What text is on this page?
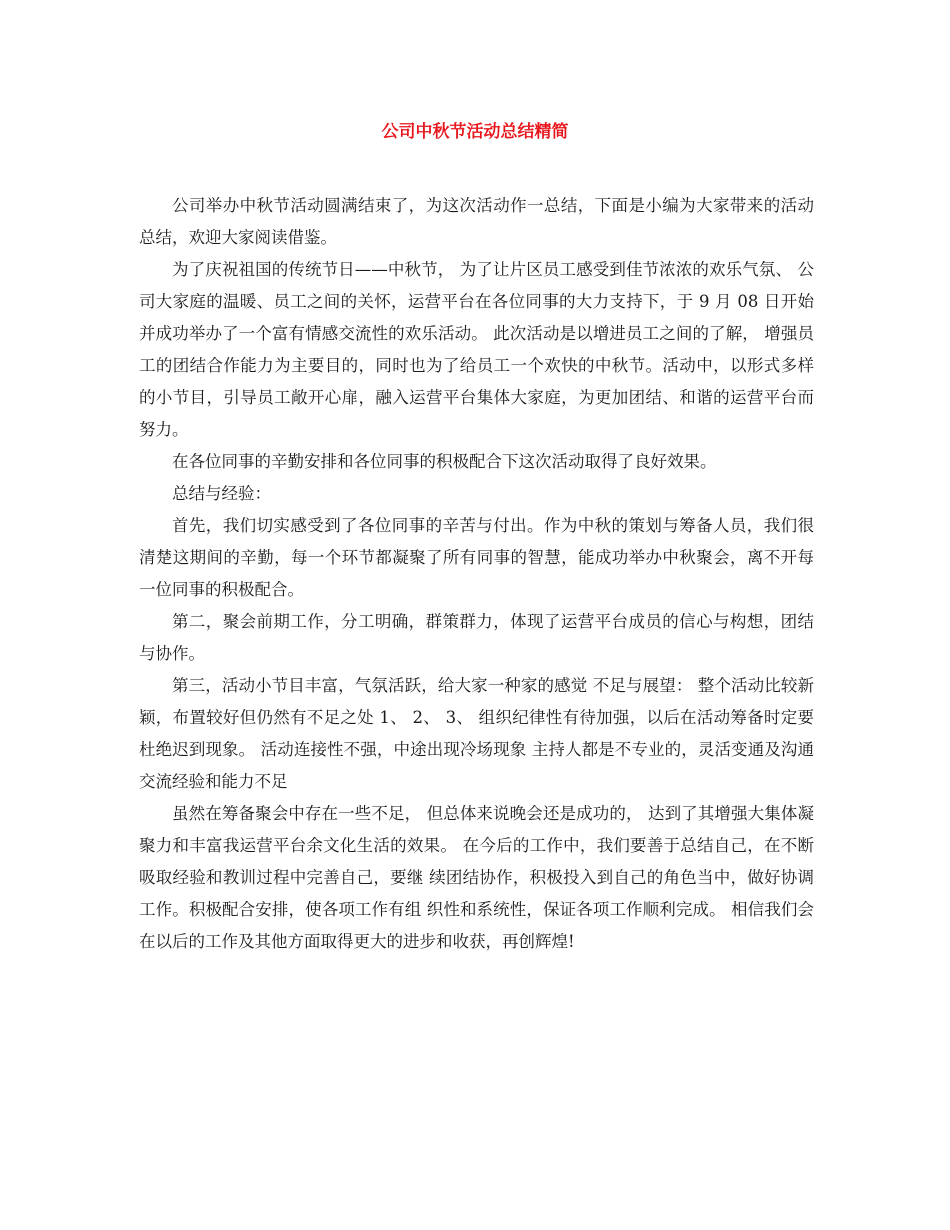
公司中秋节活动总结精简

公司举办中秋节活动圆满结束了，为这次活动作一总结，下面是小编为大家带来的活动总结，欢迎大家阅读借鉴。

为了庆祝祖国的传统节日——中秋节， 为了让片区员工感受到佳节浓浓的欢乐气氛、 公 司大家庭的温暖、员工之间的关怀，运营平台在各位同事的大力支持下，于 9 月 08 日开始 并成功举办了一个富有情感交流性的欢乐活动。 此次活动是以增进员工之间的了解， 增强员 工的团结合作能力为主要目的，同时也为了给员工一个欢快的中秋节。活动中，以形式多样 的小节目，引导员工敞开心扉，融入运营平台集体大家庭，为更加团结、和谐的运营平台而 努力。

在各位同事的辛勤安排和各位同事的积极配合下这次活动取得了良好效果。

总结与经验：

首先，我们切实感受到了各位同事的辛苦与付出。作为中秋的策划与筹备人员，我们很 清楚这期间的辛勤，每一个环节都凝聚了所有同事的智慧，能成功举办中秋聚会，离不开每 一位同事的积极配合。

第二，聚会前期工作，分工明确，群策群力，体现了运营平台成员的信心与构想，团结 与协作。

第三，活动小节目丰富，气氛活跃，给大家一种家的感觉 不足与展望： 整个活动比较新颖，布置较好但仍然有不足之处 1、 2、 3、 组织纪律性有待加强，以后在活动筹备时定要杜绝迟到现象。 活动连接性不强，中途出现冷场现象 主持人都是不专业的，灵活变通及沟通交流经验和能力不足

虽然在筹备聚会中存在一些不足， 但总体来说晚会还是成功的， 达到了其增强大集体凝 聚力和丰富我运营平台余文化生活的效果。 在今后的工作中，我们要善于总结自己，在不断吸取经验和教训过程中完善自己，要继 续团结协作，积极投入到自己的角色当中，做好协调工作。积极配合安排，使各项工作有组 织性和系统性，保证各项工作顺利完成。 相信我们会在以后的工作及其他方面取得更大的进步和收获，再创辉煌!
